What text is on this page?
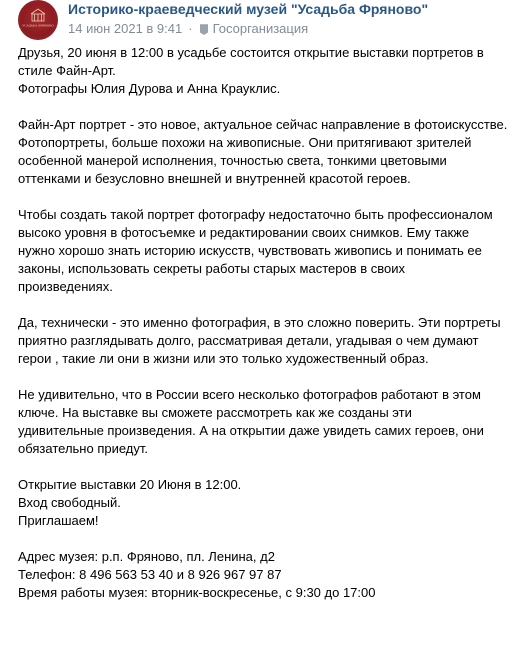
УСАДЬБА ФРЯНОВО
Историко-краеведческий музей "Усадьба Фряново"
14 июн 2021 в 9:41 · Госорганизация
Друзья, 20 июня в 12:00 в усадьбе состоится открытие выставки портретов в
стиле Файн-Арт.
Фотографы Юлия Дурова и Анна Крауклис.
Файн-Арт портрет - это новое, актуальное сейчас направление в фотоискусстве.
Фотопортреты, больше похожи на живописные. Они притягивают зрителей
особенной манерой исполнения, точностью света, тонкими цветовыми
оттенками и безусловно внешней и внутренней красотой героев.
Чтобы создать такой портрет фотографу недостаточно быть профессионалом
высоко уровня в фотосъемке и редактировании своих снимков. Ему также
нужно хорошо знать историю искусств, чувствовать живопись и понимать ее
законы, использовать секреты работы старых мастеров в своих
произведениях.
Да, технически - это именно фотография, в это сложно поверить. Эти портреты
приятно разглядывать долго, рассматривая детали, угадывая о чем думают
герои , такие ли они в жизни или это только художественный образ.
Не удивительно, что в России всего несколько фотографов работают в этом
ключе. На выставке вы сможете рассмотреть как же созданы эти
удивительные произведения. А на открытии даже увидеть самих героев, они
обязательно приедут.
Открытие выставки 20 Июня в 12:00.
Вход свободный.
Приглашаем!
Адрес музея: р.п. Фряново, пл. Ленина, д2
Телефон: 8 496 563 53 40 и 8 926 967 97 87
Время работы музея: вторник-воскресенье, с 9:30 до 17:00
